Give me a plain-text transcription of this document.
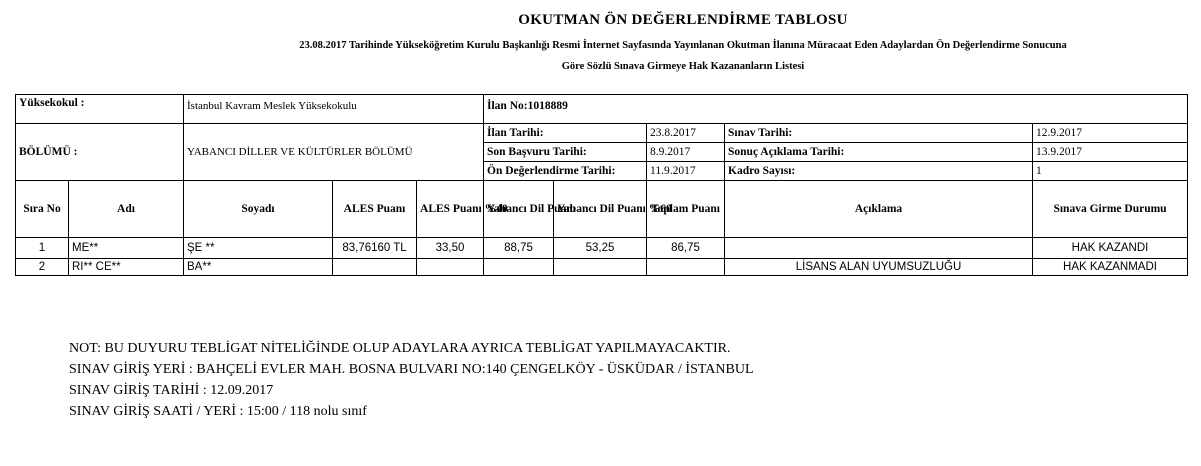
OKUTMAN ÖN DEĞERLENDİRME TABLOSU
23.08.2017 Tarihinde Yükseköğretim Kurulu Başkanlığı Resmi İnternet Sayfasında Yayınlanan Okutman İlanına Müracaat Eden Adaylardan Ön Değerlendirme Sonucuna
Göre Sözlü Sınava Girmeye Hak Kazananların Listesi
Yüksekokul :		İstanbul Kavram Meslek Yüksekokulu			İlan No:1018889				
BÖLÜMÜ :		YABANCI DİLLER VE KÜLTÜRLER BÖLÜMÜ			İlan Tarihi:		23.8.2017	Sınav Tarihi:	12.9.2017
					Son Başvuru Tarihi:		8.9.2017	Sonuç Açıklama Tarihi:	13.9.2017
					Ön Değerlendirme Tarihi:		11.9.2017	Kadro Sayısı:	1
Sıra No	Adı	Soyadı	ALES Puanı	ALES Puanı %40	Yabancı Dil Puanı	Yabancı Dil Puanı %60	Toplam Puanı	Açıklama	Sınava Girme Durumu
1	ME**	ŞE **	83,76160 TL	33,50	88,75	53,25	86,75		HAK KAZANDI
2	RI** CE**	BA**						LİSANS ALAN UYUMSUZLUĞU	HAK KAZANMADI
NOT: BU DUYURU TEBLİGAT NİTELİĞİNDE OLUP ADAYLARA AYRICA TEBLİGAT YAPILMAYACAKTIR.
SINAV GİRİŞ YERİ : BAHÇELİ EVLER MAH. BOSNA BULVARI NO:140 ÇENGELKÖY - ÜSKÜDAR / İSTANBUL
SINAV GİRİŞ TARİHİ : 12.09.2017
SINAV GİRİŞ SAATİ / YERİ : 15:00 / 118 nolu sınıf
